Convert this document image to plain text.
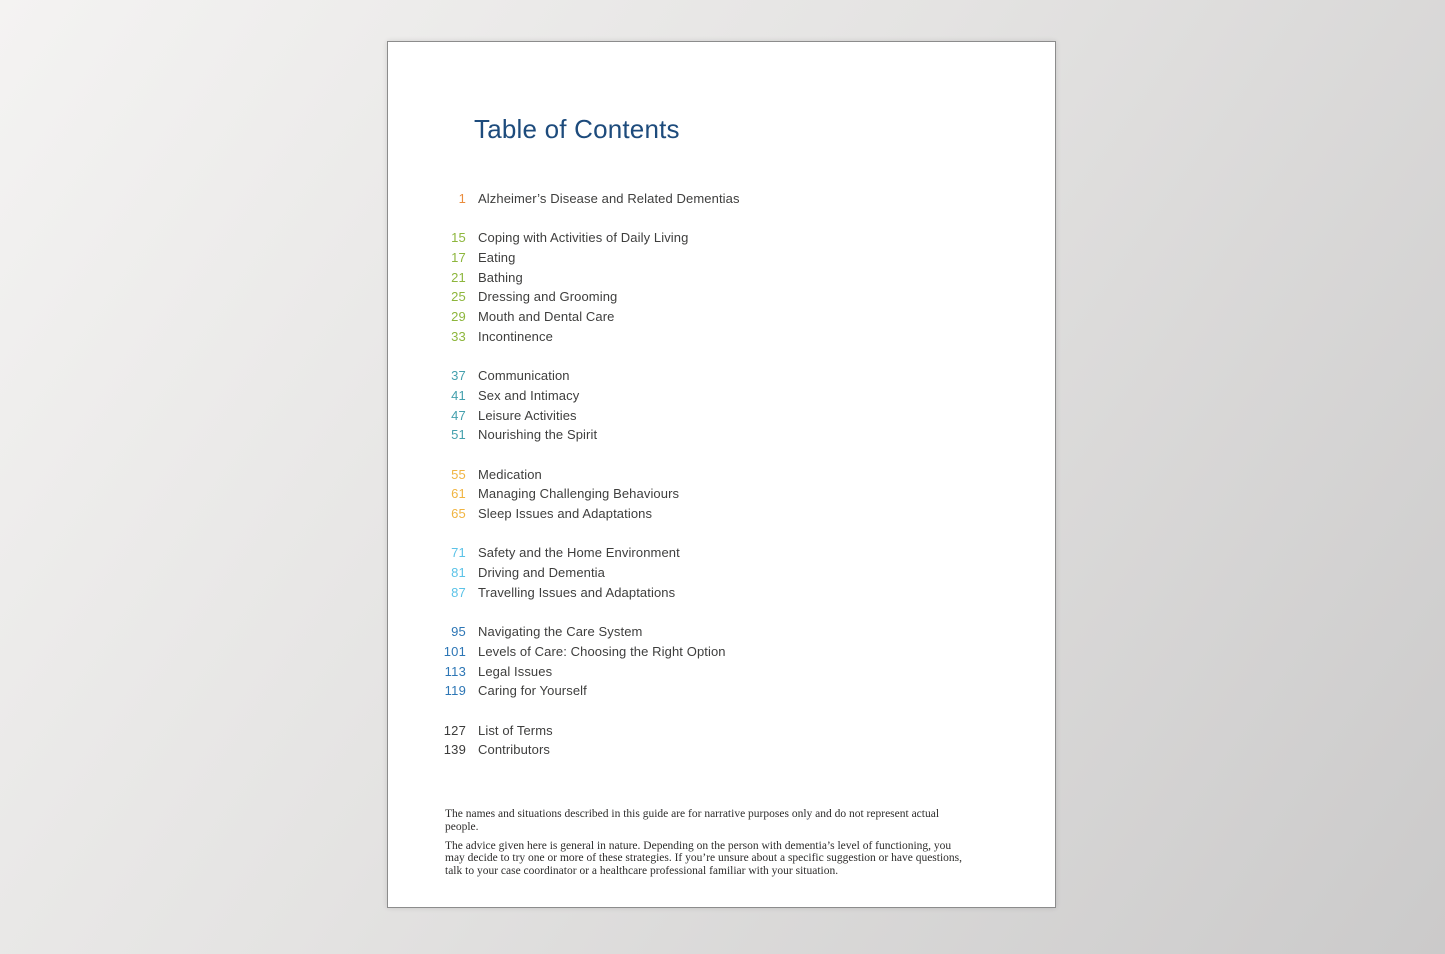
Table of Contents
1 Alzheimer’s Disease and Related Dementias
15 Coping with Activities of Daily Living
17 Eating
21 Bathing
25 Dressing and Grooming
29 Mouth and Dental Care
33 Incontinence
37 Communication
41 Sex and Intimacy
47 Leisure Activities
51 Nourishing the Spirit
55 Medication
61 Managing Challenging Behaviours
65 Sleep Issues and Adaptations
71 Safety and the Home Environment
81 Driving and Dementia
87 Travelling Issues and Adaptations
95 Navigating the Care System
101 Levels of Care: Choosing the Right Option
113 Legal Issues
119 Caring for Yourself
127 List of Terms
139 Contributors

The names and situations described in this guide are for narrative purposes only and do not represent actual people.

The advice given here is general in nature. Depending on the person with dementia’s level of functioning, you may decide to try one or more of these strategies. If you’re unsure about a specific suggestion or have questions, talk to your case coordinator or a healthcare professional familiar with your situation.
